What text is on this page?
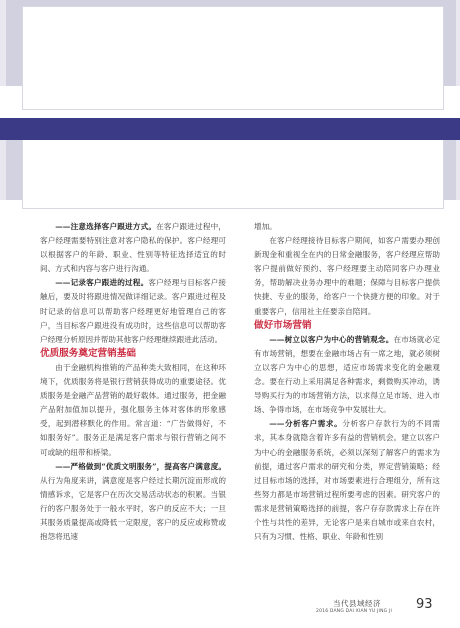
——注意选择客户跟进方式。在客户跟进过程中，客户经理需要特别注意对客户隐私的保护。客户经理可以根据客户的年龄、职业、性别等特征选择适宜的时间、方式和内容与客户进行沟通。

——记录客户跟进的过程。客户经理与目标客户接触后，要及时将跟进情况做详细记录。客户跟进过程及时记录的信息可以帮助客户经理更好地管理自己的客户，当目标客户跟进没有成功时，这些信息可以帮助客户经理分析原因并帮助其他客户经理继续跟进此活动。

优质服务奠定营销基础

由于金融机构推销的产品种类大致相同，在这种环境下，优质服务将是银行营销获得成功的重要途径。优质服务是金融产品营销的最好载体。通过服务，把金融产品附加值加以提升，强化服务主体对客体的形象感受，起到潜移默化的作用。常言道：“广告做得好，不如服务好”。服务正是满足客户需求与银行营销之间不可或缺的纽带和桥梁。

——严格做到“优质文明服务”，提高客户满意度。从行为角度来讲，满意度是客户经过长期沉淀而形成的情感诉求，它是客户在历次交易活动状态的积累。当银行的客户服务处于一般水平时，客户的反应不大；一旦其服务质量提高或降低一定限度，客户的反应或称赞或抱怨将迅速

增加。

在客户经理接待目标客户期间，如客户需要办理创新现金和重视全在内的日常金融服务，客户经理应帮助客户提前做好预约、客户经理要主动陪同客户办理业务，帮助解决业务办理中的难题；保障与目标客户提供快捷、专业的服务，给客户一个快捷方便的印象。对于重要客户，信用社主任要亲自陪同。

做好市场营销

——树立以客户为中心的营销观念。在市场就必定有市场营销，想要在金融市场占有一席之地，就必须树立以客户为中心的思想，适应市场需求变化的金融观念。要在行动上采用满足各种需求，剩微购买冲动，诱导购买行为的市场营销方法，以求得立足市场、进入市场、争得市场，在市场竞争中发展壮大。

——分析客户需求。分析客户存款行为的不同需求，其本身就隐含着许多有益的营销机会。建立以客户为中心的金融服务系统，必须以深刻了解客户的需求为前提，通过客户需求的研究和分类，界定营销策略；经过目标市场的选择，对市场要素进行合理组分，所有这些努力都是市场营销过程所要考虑的因素。研究客户的需求是营销策略选择的前提，客户存存款需求上存在许个性与共性的差异，无论客户是来自城市或来自农村，只有为习惯、性格、职业、年龄和性别

当代县域经济
2016 DANG DAI XIAN YU JING JI 93
